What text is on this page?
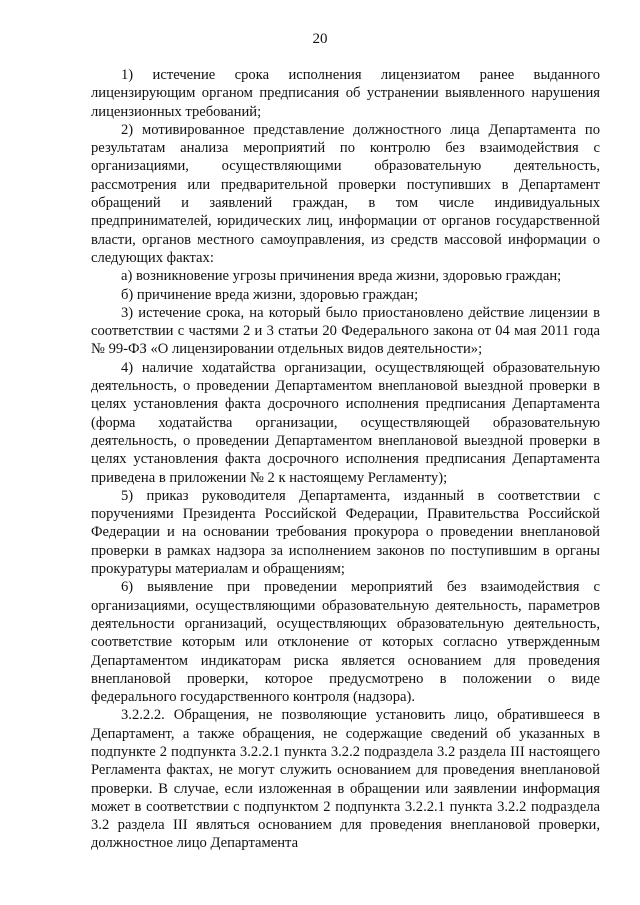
20

1) истечение срока исполнения лицензиатом ранее выданного лицензирующим органом предписания об устранении выявленного нарушения лицензионных требований;

2) мотивированное представление должностного лица Департамента по результатам анализа мероприятий по контролю без взаимодействия с организациями, осуществляющими образовательную деятельность, рассмотрения или предварительной проверки поступивших в Департамент обращений и заявлений граждан, в том числе индивидуальных предпринимателей, юридических лиц, информации от органов государственной власти, органов местного самоуправления, из средств массовой информации о следующих фактах:

а) возникновение угрозы причинения вреда жизни, здоровью граждан;

б) причинение вреда жизни, здоровью граждан;

3) истечение срока, на который было приостановлено действие лицензии в соответствии с частями 2 и 3 статьи 20 Федерального закона от 04 мая 2011 года № 99-ФЗ «О лицензировании отдельных видов деятельности»;

4) наличие ходатайства организации, осуществляющей образовательную деятельность, о проведении Департаментом внеплановой выездной проверки в целях установления факта досрочного исполнения предписания Департамента (форма ходатайства организации, осуществляющей образовательную деятельность, о проведении Департаментом внеплановой выездной проверки в целях установления факта досрочного исполнения предписания Департамента приведена в приложении № 2 к настоящему Регламенту);

5) приказ руководителя Департамента, изданный в соответствии с поручениями Президента Российской Федерации, Правительства Российской Федерации и на основании требования прокурора о проведении внеплановой проверки в рамках надзора за исполнением законов по поступившим в органы прокуратуры материалам и обращениям;

6) выявление при проведении мероприятий без взаимодействия с организациями, осуществляющими образовательную деятельность, параметров деятельности организаций, осуществляющих образовательную деятельность, соответствие которым или отклонение от которых согласно утвержденным Департаментом индикаторам риска является основанием для проведения внеплановой проверки, которое предусмотрено в положении о виде федерального государственного контроля (надзора).

3.2.2.2. Обращения, не позволяющие установить лицо, обратившееся в Департамент, а также обращения, не содержащие сведений об указанных в подпункте 2 подпункта 3.2.2.1 пункта 3.2.2 подраздела 3.2 раздела III настоящего Регламента фактах, не могут служить основанием для проведения внеплановой проверки. В случае, если изложенная в обращении или заявлении информация может в соответствии с подпунктом 2 подпункта 3.2.2.1 пункта 3.2.2 подраздела 3.2 раздела III являться основанием для проведения внеплановой проверки, должностное лицо Департамента
